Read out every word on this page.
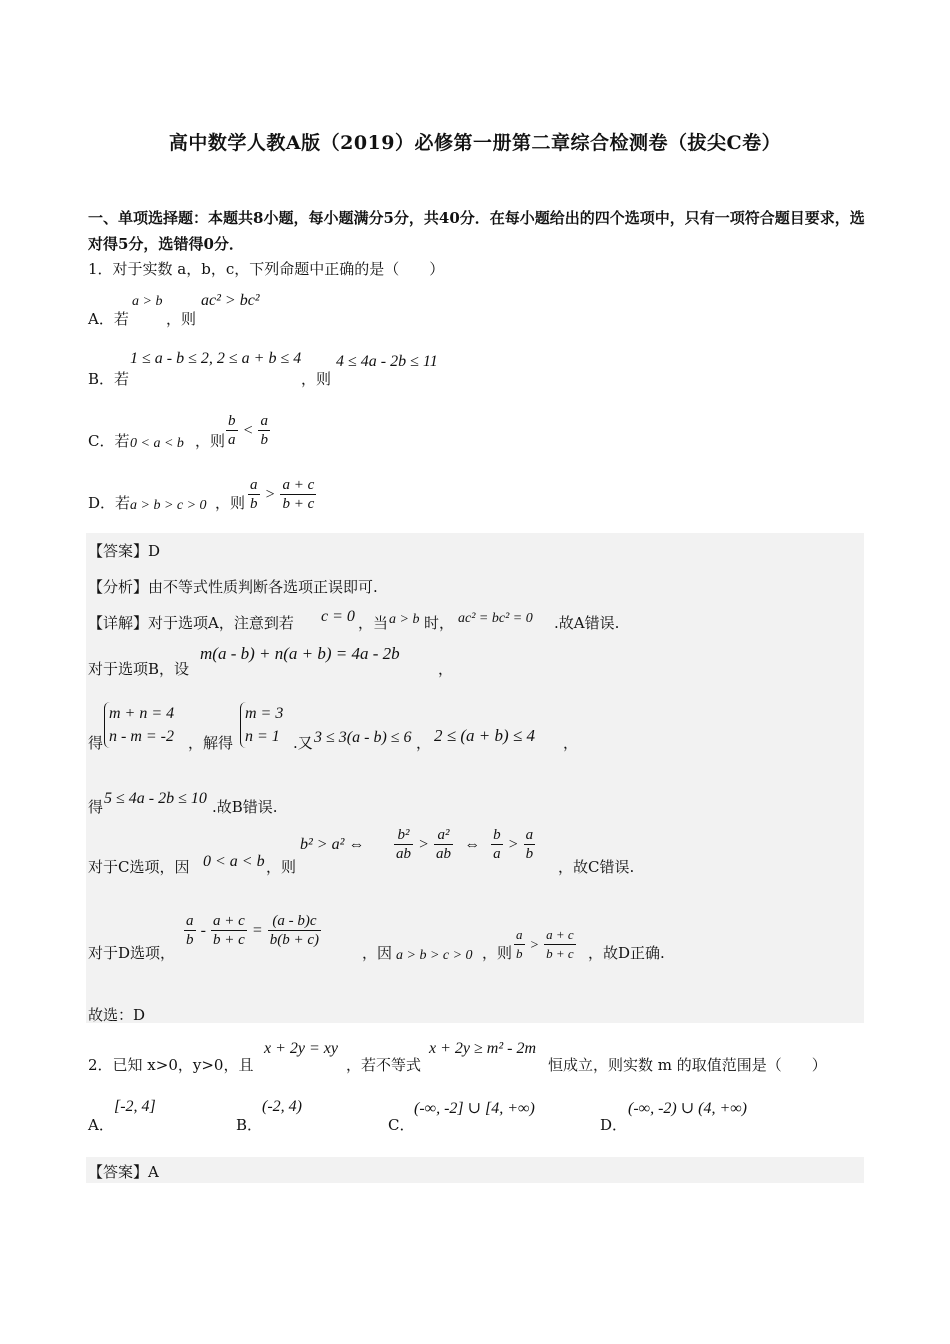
高中数学人教A版（2019）必修第一册第二章综合检测卷（拔尖C卷）
一、单项选择题：本题共8小题，每小题满分5分，共40分．在每小题给出的四个选项中，只有一项符合题目要求，选对得5分，选错得0分．
1．对于实数 a，b，c，下列命题中正确的是（　　）
A．若
a > b
，则
ac² > bc²
B．若
1 ≤ a - b ≤ 2, 2 ≤ a + b ≤ 4
，则
4 ≤ 4a - 2b ≤ 11
C．若 0 < a < b ，则 $\frac{b}{a} < \frac{a}{b}$
D．若 a > b > c > 0 ，则 $\frac{a}{b} > \frac{a + c}{b + c}$
【答案】D
【分析】由不等式性质判断各选项正误即可.
【详解】对于选项A，注意到若 c = 0 ，当 a > b 时， ac² = bc² = 0 .故A错误.
对于选项B，设
m(a - b) + n(a + b) = 4a - 2b
，
得
m + n = 4
n - m = -2 ，解得
m = 3
n = 1 .又 3 ≤ 3(a - b) ≤ 6 ， 2 ≤ (a + b) ≤ 4 ，
得 5 ≤ 4a - 2b ≤ 10 .故B错误.
对于C选项，因 0 < a < b ，则
b² > a² ⇔ $\frac{\text{b²}}{ab} > \frac{\text{a²}}{ab}$ ⇔ $\frac{b}{a} > \frac{a}{b}$
，故C错误.
对于D选项，
$\frac{a}{b} - \frac{a + c}{b + c} = \frac{(a - b)c}{b(b + c)}$
，因 a > b > c > 0 ，则 $\frac{a}{b} > \frac{a + c}{b + c}$ ，故D正确.
故选：D
2．已知 x>0，y>0，且
x + 2y = xy
，若不等式
x + 2y ≥ m² - 2m
恒成立，则实数 m 的取值范围是（　　）
A．
[-2, 4]
B．
(-2, 4)
C．
(-∞, -2] ∪ [4, +∞)
D．
(-∞, -2) ∪ (4, +∞)
【答案】A
